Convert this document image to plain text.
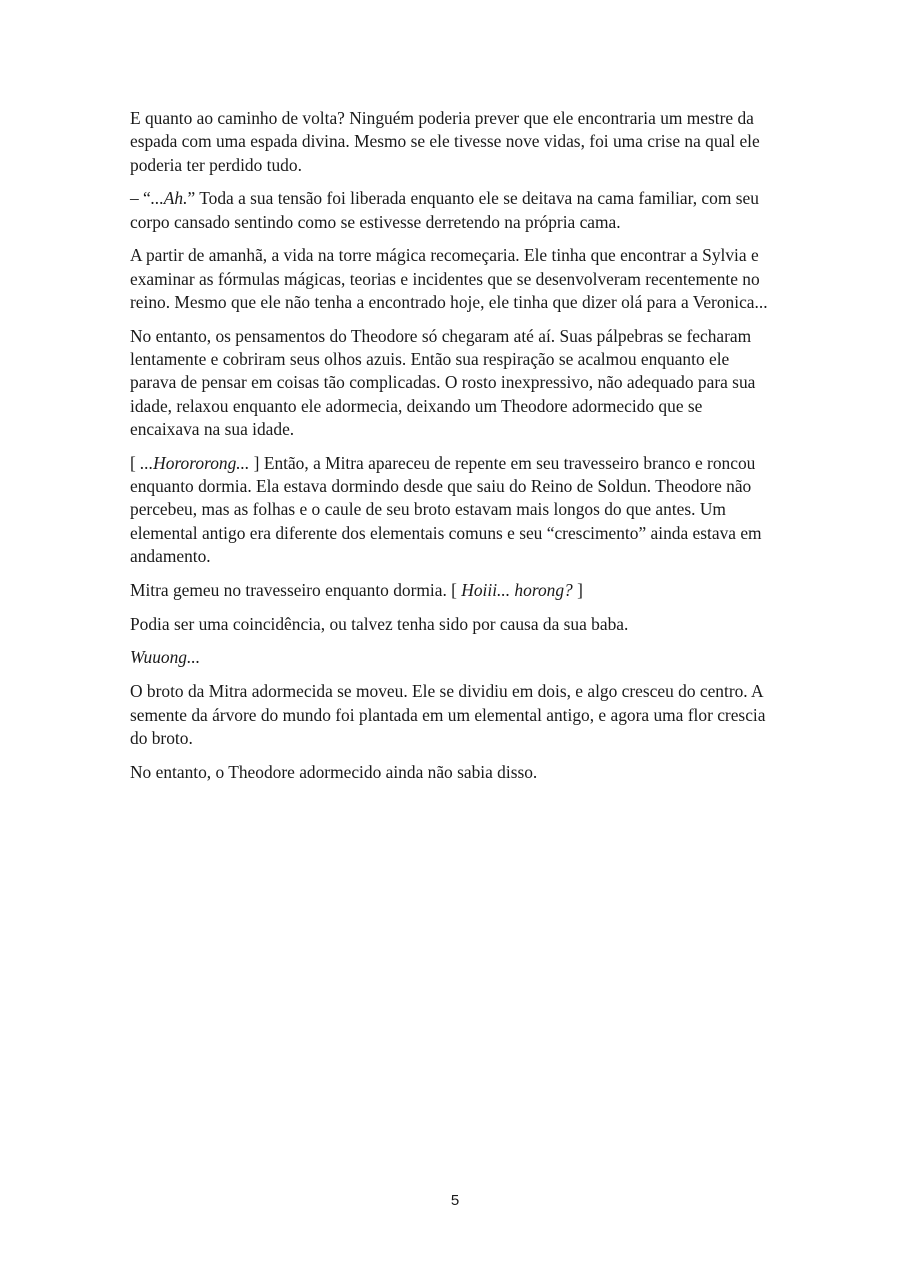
E quanto ao caminho de volta? Ninguém poderia prever que ele encontraria um mestre da espada com uma espada divina. Mesmo se ele tivesse nove vidas, foi uma crise na qual ele poderia ter perdido tudo.

– “...Ah.” Toda a sua tensão foi liberada enquanto ele se deitava na cama familiar, com seu corpo cansado sentindo como se estivesse derretendo na própria cama.

A partir de amanhã, a vida na torre mágica recomeçaria. Ele tinha que encontrar a Sylvia e examinar as fórmulas mágicas, teorias e incidentes que se desenvolveram recentemente no reino. Mesmo que ele não tenha a encontrado hoje, ele tinha que dizer olá para a Veronica...

No entanto, os pensamentos do Theodore só chegaram até aí. Suas pálpebras se fecharam lentamente e cobriram seus olhos azuis. Então sua respiração se acalmou enquanto ele parava de pensar em coisas tão complicadas. O rosto inexpressivo, não adequado para sua idade, relaxou enquanto ele adormecia, deixando um Theodore adormecido que se encaixava na sua idade.

[ ...Horororong... ] Então, a Mitra apareceu de repente em seu travesseiro branco e roncou enquanto dormia. Ela estava dormindo desde que saiu do Reino de Soldun. Theodore não percebeu, mas as folhas e o caule de seu broto estavam mais longos do que antes. Um elemental antigo era diferente dos elementais comuns e seu “crescimento” ainda estava em andamento.

Mitra gemeu no travesseiro enquanto dormia. [ Hoiii... horong? ]

Podia ser uma coincidência, ou talvez tenha sido por causa da sua baba.

Wuuong...

O broto da Mitra adormecida se moveu. Ele se dividiu em dois, e algo cresceu do centro. A semente da árvore do mundo foi plantada em um elemental antigo, e agora uma flor crescia do broto.

No entanto, o Theodore adormecido ainda não sabia disso.

5
